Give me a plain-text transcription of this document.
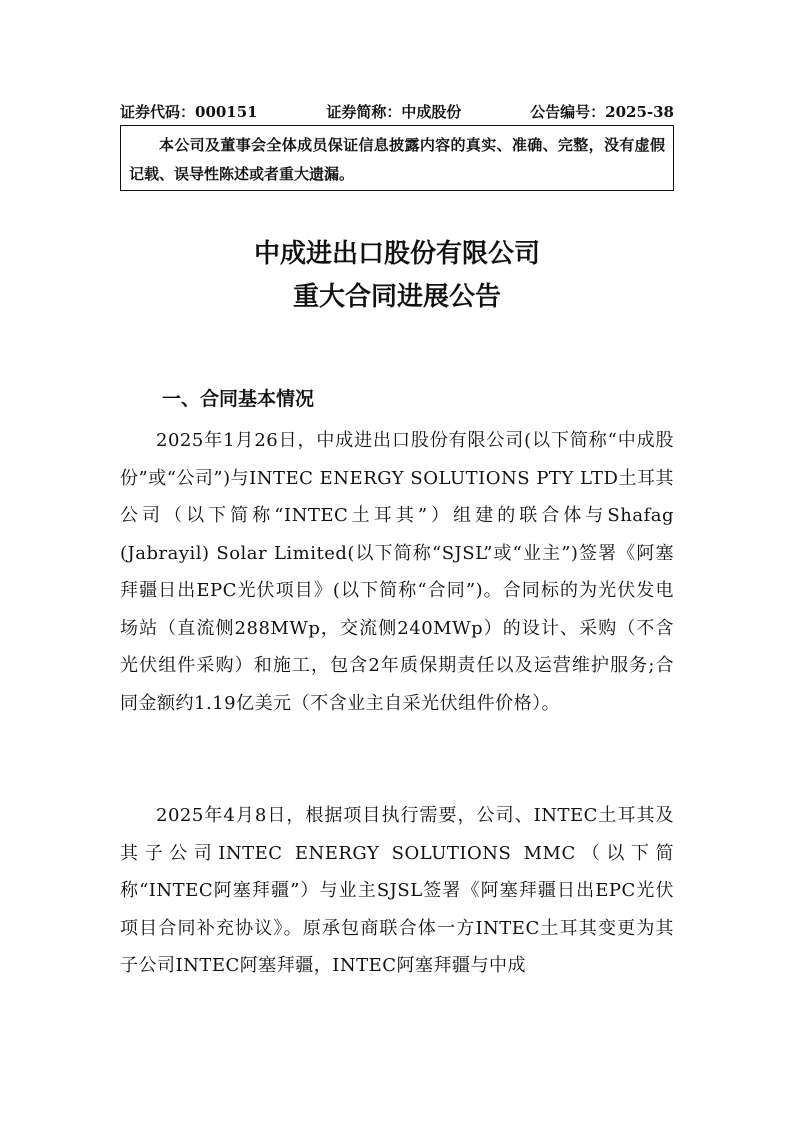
证券代码：000151	证券简称：中成股份	公告编号：2025-38
本公司及董事会全体成员保证信息披露内容的真实、准确、完整，没有虚假记载、误导性陈述或者重大遗漏。
中成进出口股份有限公司
重大合同进展公告
一、合同基本情况

2025年1月26日，中成进出口股份有限公司(以下简称“中成股份”或“公司”)与INTEC ENERGY SOLUTIONS PTY LTD土耳其公司（以下简称“INTEC土耳其”）组建的联合体与Shafag (Jabrayil) Solar Limited(以下简称“SJSL”或“业主”)签署《阿塞拜疆日出EPC光伏项目》(以下简称“合同”)。合同标的为光伏发电场站（直流侧288MWp，交流侧240MWp）的设计、采购（不含光伏组件采购）和施工，包含2年质保期责任以及运营维护服务;合同金额约1.19亿美元（不含业主自采光伏组件价格）。

2025年4月8日，根据项目执行需要，公司、INTEC土耳其及其子公司INTEC ENERGY SOLUTIONS MMC（以下简称“INTEC阿塞拜疆”）与业主SJSL签署《阿塞拜疆日出EPC光伏项目合同补充协议》。原承包商联合体一方INTEC土耳其变更为其子公司INTEC阿塞拜疆，INTEC阿塞拜疆与中成
